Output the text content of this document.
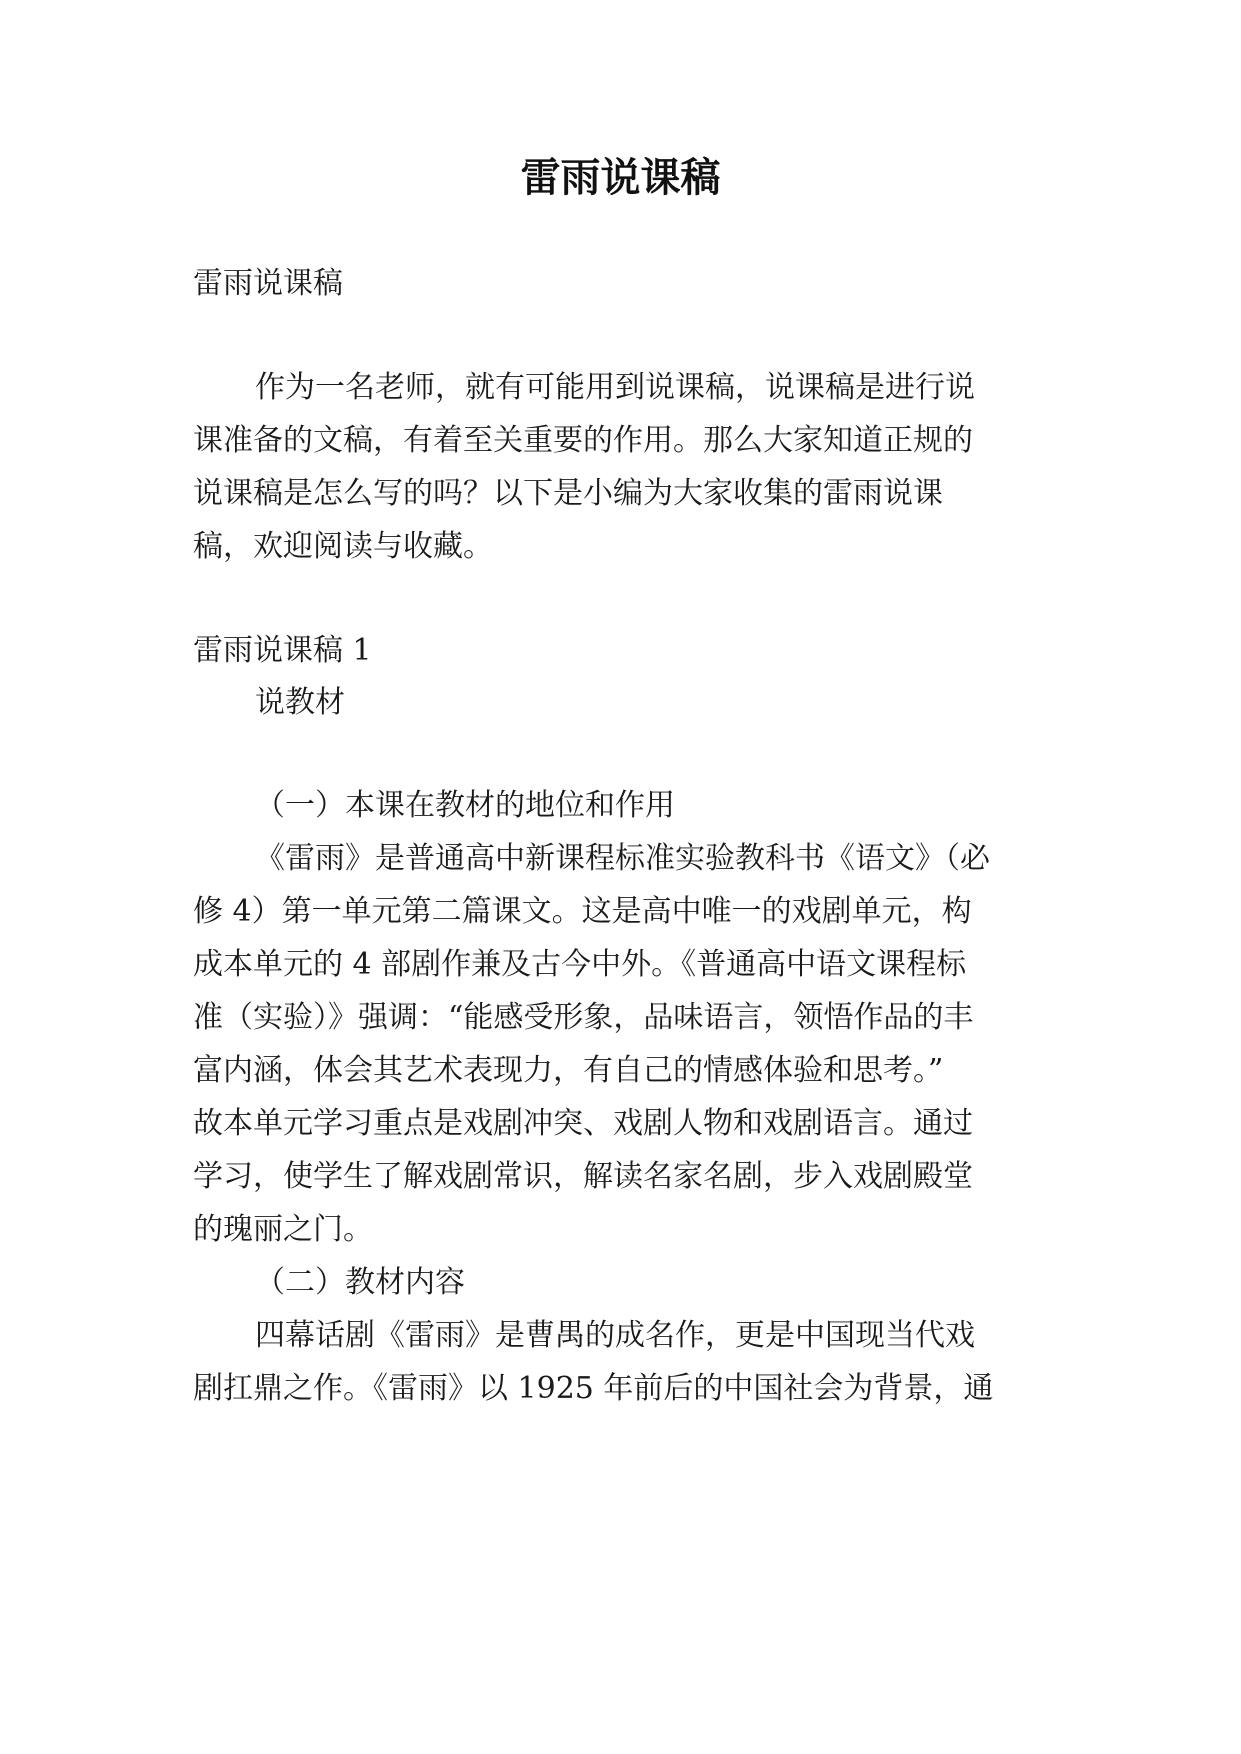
雷雨说课稿
雷雨说课稿
作为一名老师，就有可能用到说课稿，说课稿是进行说
课准备的文稿，有着至关重要的作用。那么大家知道正规的
说课稿是怎么写的吗？以下是小编为大家收集的雷雨说课
稿，欢迎阅读与收藏。
雷雨说课稿 1
说教材
（一）本课在教材的地位和作用
《雷雨》是普通高中新课程标准实验教科书《语文》（必
修 4）第一单元第二篇课文。这是高中唯一的戏剧单元，构
成本单元的 4 部剧作兼及古今中外。《普通高中语文课程标
准（实验）》强调：“能感受形象，品味语言，领悟作品的丰
富内涵，体会其艺术表现力，有自己的情感体验和思考。”
故本单元学习重点是戏剧冲突、戏剧人物和戏剧语言。通过
学习，使学生了解戏剧常识，解读名家名剧，步入戏剧殿堂
的瑰丽之门。
（二）教材内容
四幕话剧《雷雨》是曹禺的成名作，更是中国现当代戏
剧扛鼎之作。《雷雨》以 1925 年前后的中国社会为背景，通
